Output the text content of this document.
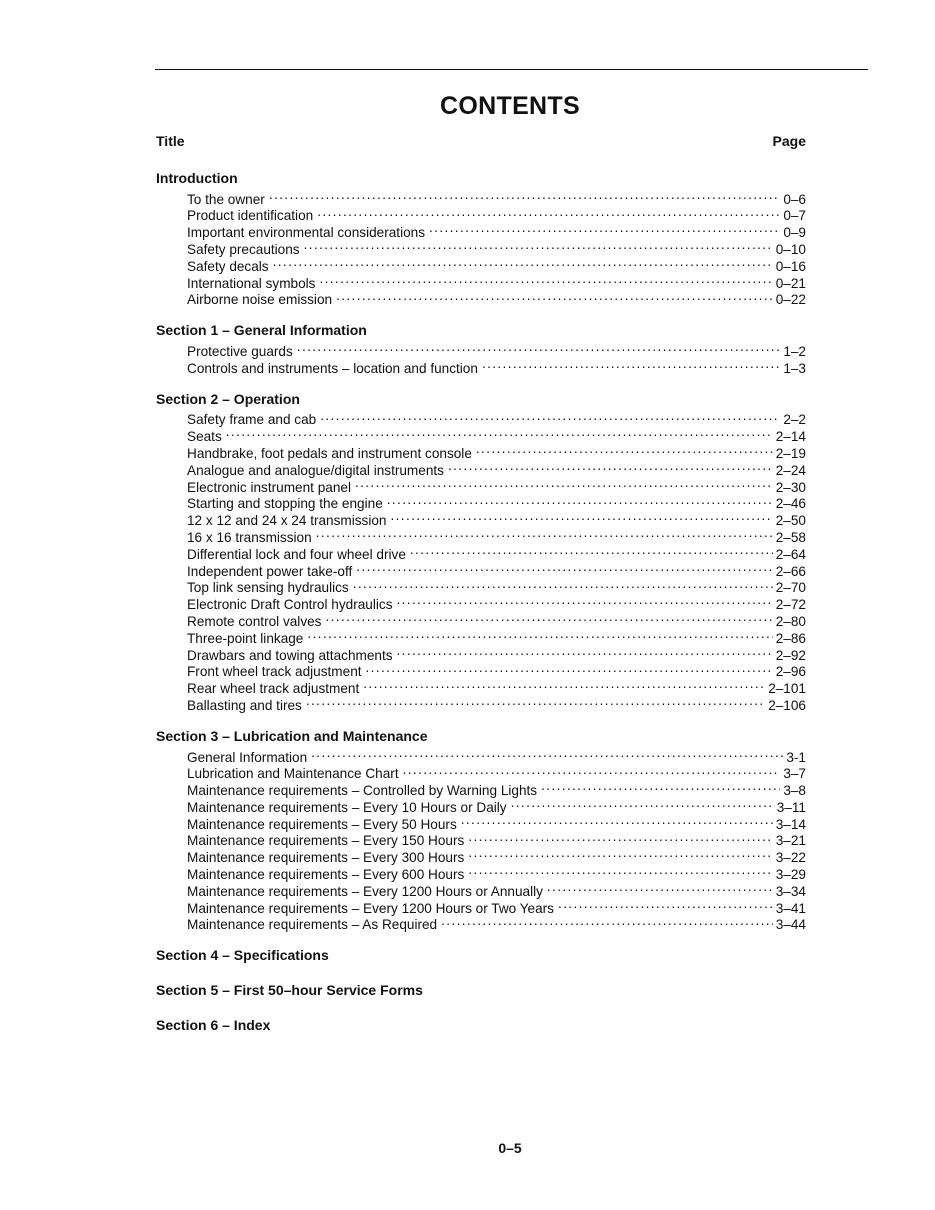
CONTENTS
Title	Page
Introduction
To the owner . . .	0–6
Product identification . . .	0–7
Important environmental considerations . . .	0–9
Safety precautions . . .	0–10
Safety decals . . .	0–16
International symbols . . .	0–21
Airborne noise emission . . .	0–22
Section 1 – General Information
Protective guards . . .	1–2
Controls and instruments – location and function . . .	1–3
Section 2 – Operation
Safety frame and cab . . .	2–2
Seats . . .	2–14
Handbrake, foot pedals and instrument console . . .	2–19
Analogue and analogue/digital instruments . . .	2–24
Electronic instrument panel . . .	2–30
Starting and stopping the engine . . .	2–46
12 x 12 and 24 x 24 transmission . . .	2–50
16 x 16 transmission . . .	2–58
Differential lock and four wheel drive . . .	2–64
Independent power take-off . . .	2–66
Top link sensing hydraulics . . .	2–70
Electronic Draft Control hydraulics . . .	2–72
Remote control valves . . .	2–80
Three-point linkage . . .	2–86
Drawbars and towing attachments . . .	2–92
Front wheel track adjustment . . .	2–96
Rear wheel track adjustment . . .	2–101
Ballasting and tires . . .	2–106
Section 3 – Lubrication and Maintenance
General Information . . .	3-1
Lubrication and Maintenance Chart . . .	3–7
Maintenance requirements – Controlled by Warning Lights . . .	3–8
Maintenance requirements – Every 10 Hours or Daily . . .	3–11
Maintenance requirements – Every 50 Hours . . .	3–14
Maintenance requirements – Every 150 Hours . . .	3–21
Maintenance requirements – Every 300 Hours . . .	3–22
Maintenance requirements – Every 600 Hours . . .	3–29
Maintenance requirements – Every 1200 Hours or Annually . . .	3–34
Maintenance requirements – Every 1200 Hours or Two Years . . .	3–41
Maintenance requirements – As Required . . .	3–44
Section 4 – Specifications
Section 5 – First 50–hour Service Forms
Section 6 – Index
0–5
